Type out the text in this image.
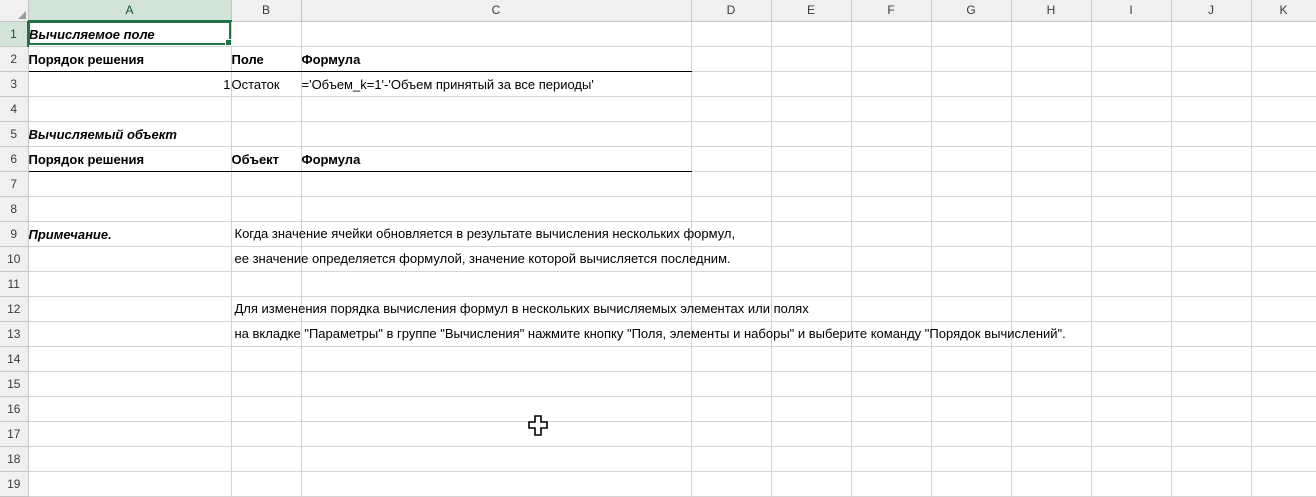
	A	B	C	D	E	F	G	H	I	J	K
1	Вычисляемое поле										
2	Порядок решения	Поле	Формула								
3	1	Остаток	='Объем_k=1'-'Объем принятый за все периоды'								
4											
5	Вычисляемый объект										
6	Порядок решения	Объект	Формула								
7											
8											
9	Примечание.	Когда значение ячейки обновляется в результате вычисления нескольких формул,									

10		ее значение определяется формулой, значение которой вычисляется последним.									

11											
12		Для изменения порядка вычисления формул в нескольких вычисляемых элементах или полях									

13		на вкладке "Параметры" в группе "Вычисления" нажмите кнопку "Поля, элементы и наборы" и выберите команду "Порядок вычислений".									

14											
15											
16											
17											
18											
19											
